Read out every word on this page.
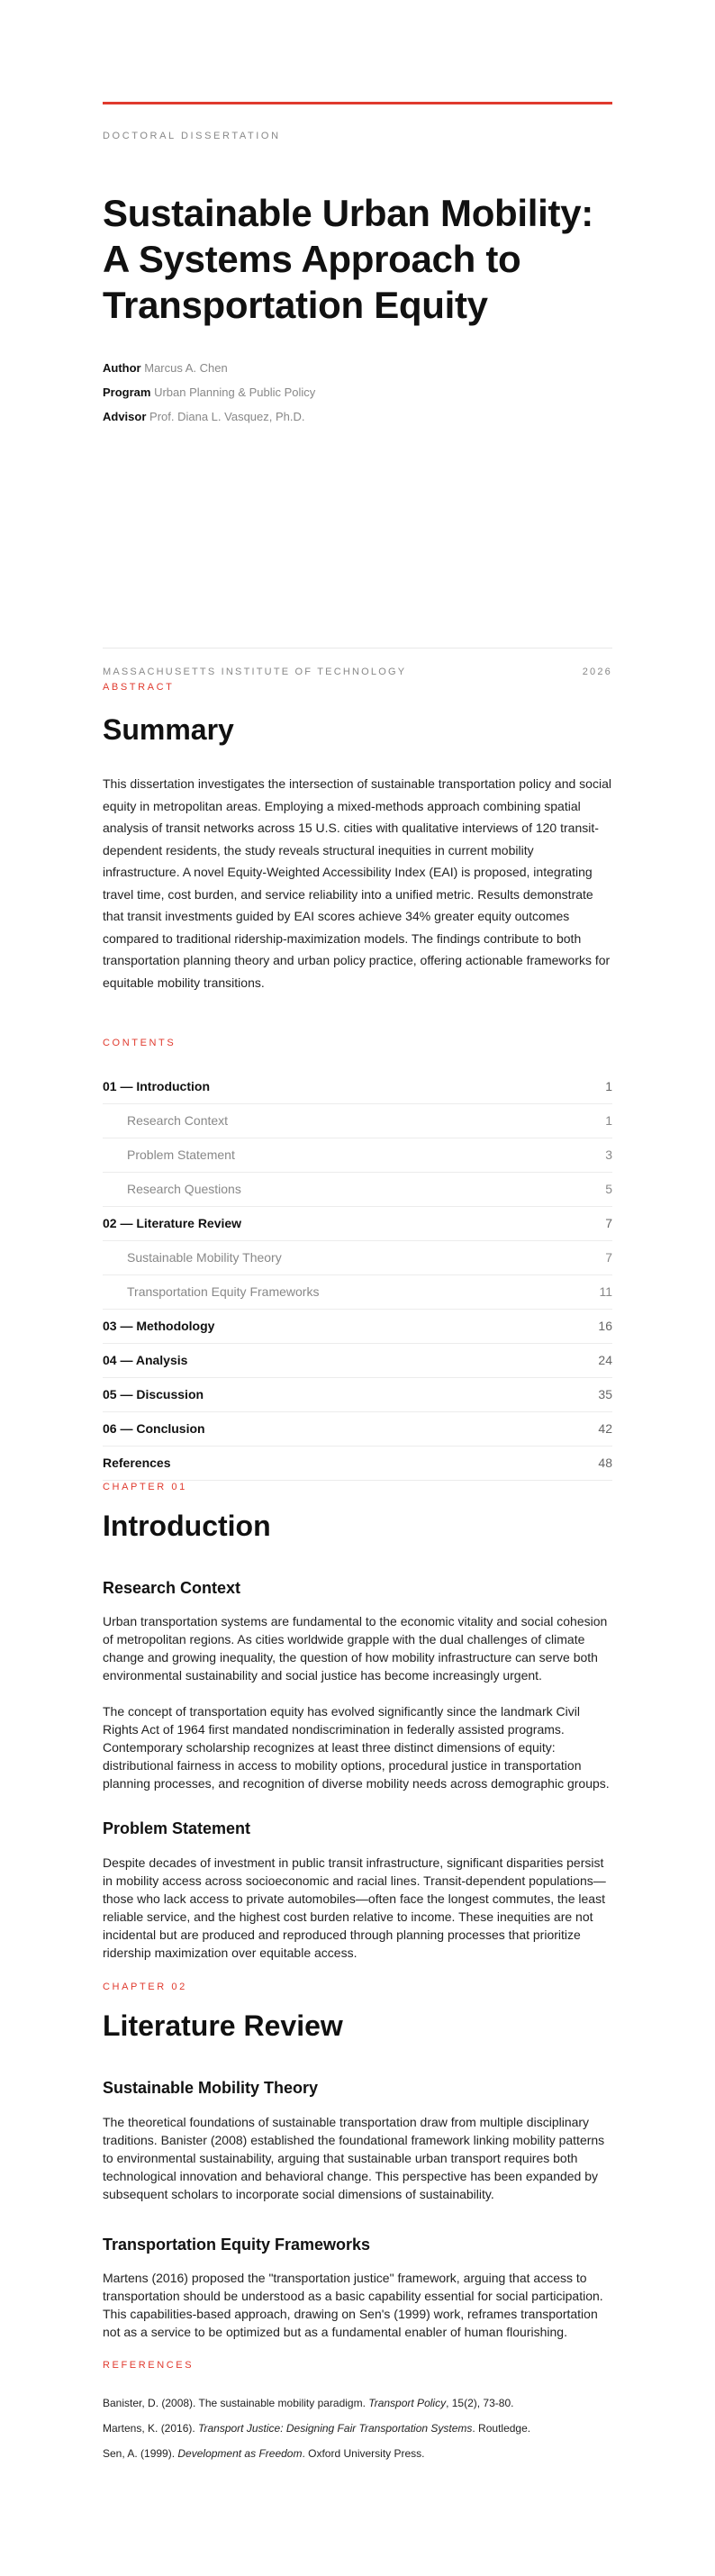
DOCTORAL DISSERTATION
Sustainable Urban Mobility:
A Systems Approach to
Transportation Equity
Author Marcus A. Chen
Program Urban Planning & Public Policy
Advisor Prof. Diana L. Vasquez, Ph.D.
MASSACHUSETTS INSTITUTE OF TECHNOLOGY	2026
ABSTRACT
Summary

This dissertation investigates the intersection of sustainable transportation policy and social equity in metropolitan areas. Employing a mixed-methods approach combining spatial analysis of transit networks across 15 U.S. cities with qualitative interviews of 120 transit-dependent residents, the study reveals structural inequities in current mobility infrastructure. A novel Equity-Weighted Accessibility Index (EAI) is proposed, integrating travel time, cost burden, and service reliability into a unified metric. Results demonstrate that transit investments guided by EAI scores achieve 34% greater equity outcomes compared to traditional ridership-maximization models. The findings contribute to both transportation planning theory and urban policy practice, offering actionable frameworks for equitable mobility transitions.

CONTENTS
01 — Introduction	1
Research Context	1
Problem Statement	3
Research Questions	5
02 — Literature Review	7
Sustainable Mobility Theory	7
Transportation Equity Frameworks	11
03 — Methodology	16
04 — Analysis	24
05 — Discussion	35
06 — Conclusion	42
References	48
CHAPTER 01
Introduction
Research Context

Urban transportation systems are fundamental to the economic vitality and social cohesion of metropolitan regions. As cities worldwide grapple with the dual challenges of climate change and growing inequality, the question of how mobility infrastructure can serve both environmental sustainability and social justice has become increasingly urgent.

The concept of transportation equity has evolved significantly since the landmark Civil Rights Act of 1964 first mandated nondiscrimination in federally assisted programs. Contemporary scholarship recognizes at least three distinct dimensions of equity: distributional fairness in access to mobility options, procedural justice in transportation planning processes, and recognition of diverse mobility needs across demographic groups.

Problem Statement

Despite decades of investment in public transit infrastructure, significant disparities persist in mobility access across socioeconomic and racial lines. Transit-dependent populations—those who lack access to private automobiles—often face the longest commutes, the least reliable service, and the highest cost burden relative to income. These inequities are not incidental but are produced and reproduced through planning processes that prioritize ridership maximization over equitable access.

CHAPTER 02
Literature Review
Sustainable Mobility Theory

The theoretical foundations of sustainable transportation draw from multiple disciplinary traditions. Banister (2008) established the foundational framework linking mobility patterns to environmental sustainability, arguing that sustainable urban transport requires both technological innovation and behavioral change. This perspective has been expanded by subsequent scholars to incorporate social dimensions of sustainability.

Transportation Equity Frameworks

Martens (2016) proposed the "transportation justice" framework, arguing that access to transportation should be understood as a basic capability essential for social participation. This capabilities-based approach, drawing on Sen's (1999) work, reframes transportation not as a service to be optimized but as a fundamental enabler of human flourishing.

REFERENCES
Banister, D. (2008). The sustainable mobility paradigm. Transport Policy, 15(2), 73-80.
Martens, K. (2016). Transport Justice: Designing Fair Transportation Systems. Routledge.
Sen, A. (1999). Development as Freedom. Oxford University Press.
